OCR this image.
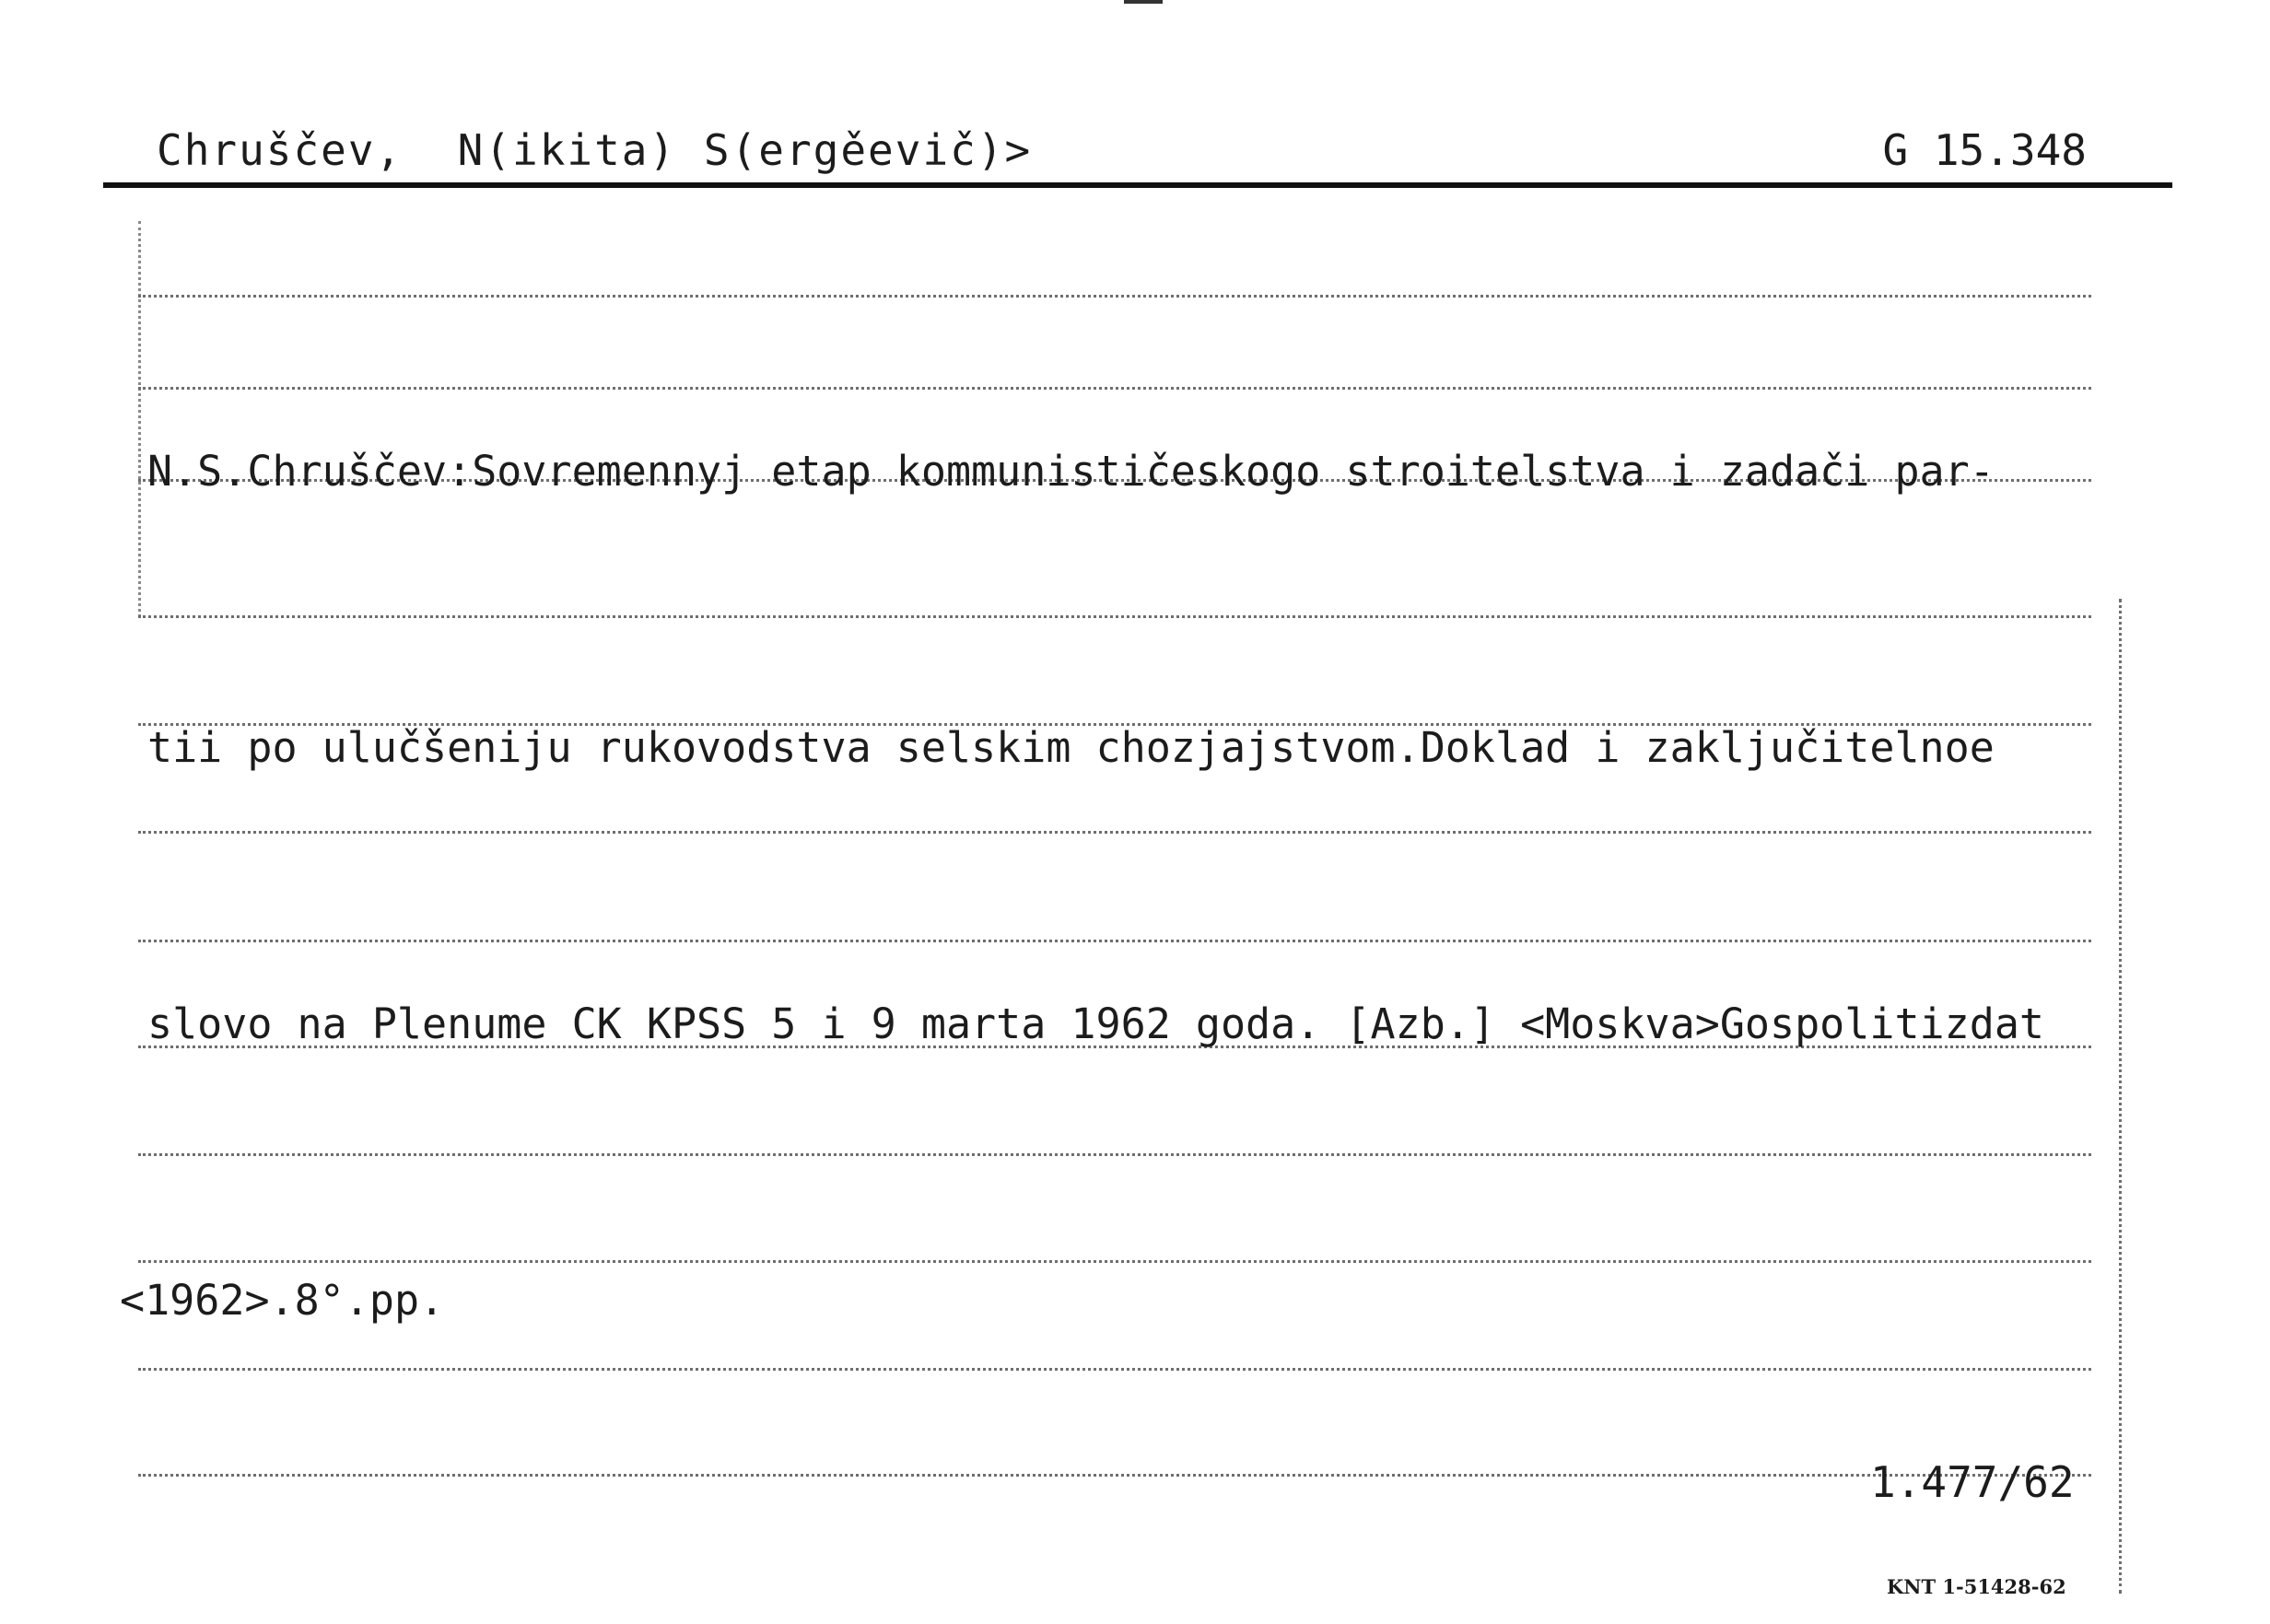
Chruščev,  N(ikita) S(ergěevič)>	G 15.348

N.S.Chruščev:Sovremennyj etap kommunističeskogo stroitelstva i zadači par-

tii po ulučšeniju rukovodstva selskim chozjajstvom.Doklad i zaključitelnoe

slovo na Plenume CK KPSS 5 i 9 marta 1962 goda. [Azb.] <Moskva>Gospolitizdat

<1962>.8°.pp.

1.477/62
KNT 1-51428-62
